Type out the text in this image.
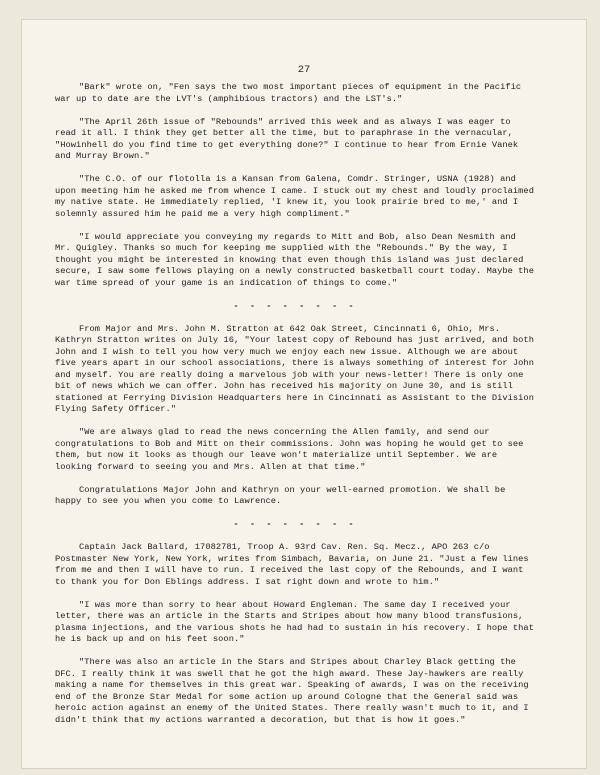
27

"Bark" wrote on, "Fen says the two most important pieces of equipment in the Pacific war up to date are the LVT's (amphibious tractors) and the LST's."

"The April 26th issue of "Rebounds" arrived this week and as always I was eager to read it all. I think they get better all the time, but to paraphrase in the vernacular, "Howinhell do you find time to get everything done?" I continue to hear from Ernie Vanek and Murray Brown."

"The C.O. of our flotolla is a Kansan from Galena, Comdr. Stringer, USNA (1928) and upon meeting him he asked me from whence I came. I stuck out my chest and loudly proclaimed my native state. He immediately replied, 'I knew it, you look prairie bred to me,' and I solemnly assured him he paid me a very high compliment."

"I would appreciate you conveying my regards to Mitt and Bob, also Dean Nesmith and Mr. Quigley. Thanks so much for keeping me supplied with the "Rebounds." By the way, I thought you might be interested in knowing that even though this island was just declared secure, I saw some fellows playing on a newly constructed basketball court today. Maybe the war time spread of your game is an indication of things to come."

- - - - - - - -

From Major and Mrs. John M. Stratton at 642 Oak Street, Cincinnati 6, Ohio, Mrs. Kathryn Stratton writes on July 16, "Your latest copy of Rebound has just arrived, and both John and I wish to tell you how very much we enjoy each new issue. Although we are about five years apart in our school associations, there is always something of interest for John and myself. You are really doing a marvelous job with your news-letter! There is only one bit of news which we can offer. John has received his majority on June 30, and is still stationed at Ferrying Division Headquarters here in Cincinnati as Assistant to the Division Flying Safety Officer."

"We are always glad to read the news concerning the Allen family, and send our congratulations to Bob and Mitt on their commissions. John was hoping he would get to see them, but now it looks as though our leave won't materialize until September. We are looking forward to seeing you and Mrs. Allen at that time."

Congratulations Major John and Kathryn on your well-earned promotion. We shall be happy to see you when you come to Lawrence.

- - - - - - - -

Captain Jack Ballard, 17082781, Troop A. 93rd Cav. Ren. Sq. Mecz., APO 263 c/o Postmaster New York, New York, writes from Simbach, Bavaria, on June 21. "Just a few lines from me and then I will have to run. I received the last copy of the Rebounds, and I want to thank you for Don Eblings address. I sat right down and wrote to him."

"I was more than sorry to hear about Howard Engleman. The same day I received your letter, there was an article in the Starts and Stripes about how many blood transfusions, plasma injections, and the various shots he had had to sustain in his recovery. I hope that he is back up and on his feet soon."

"There was also an article in the Stars and Stripes about Charley Black getting the DFC. I really think it was swell that he got the high award. These Jay-hawkers are really making a name for themselves in this great war. Speaking of awards, I was on the receiving end of the Bronze Star Medal for some action up around Cologne that the General said was heroic action against an enemy of the United States. There really wasn't much to it, and I didn't think that my actions warranted a decoration, but that is how it goes."
